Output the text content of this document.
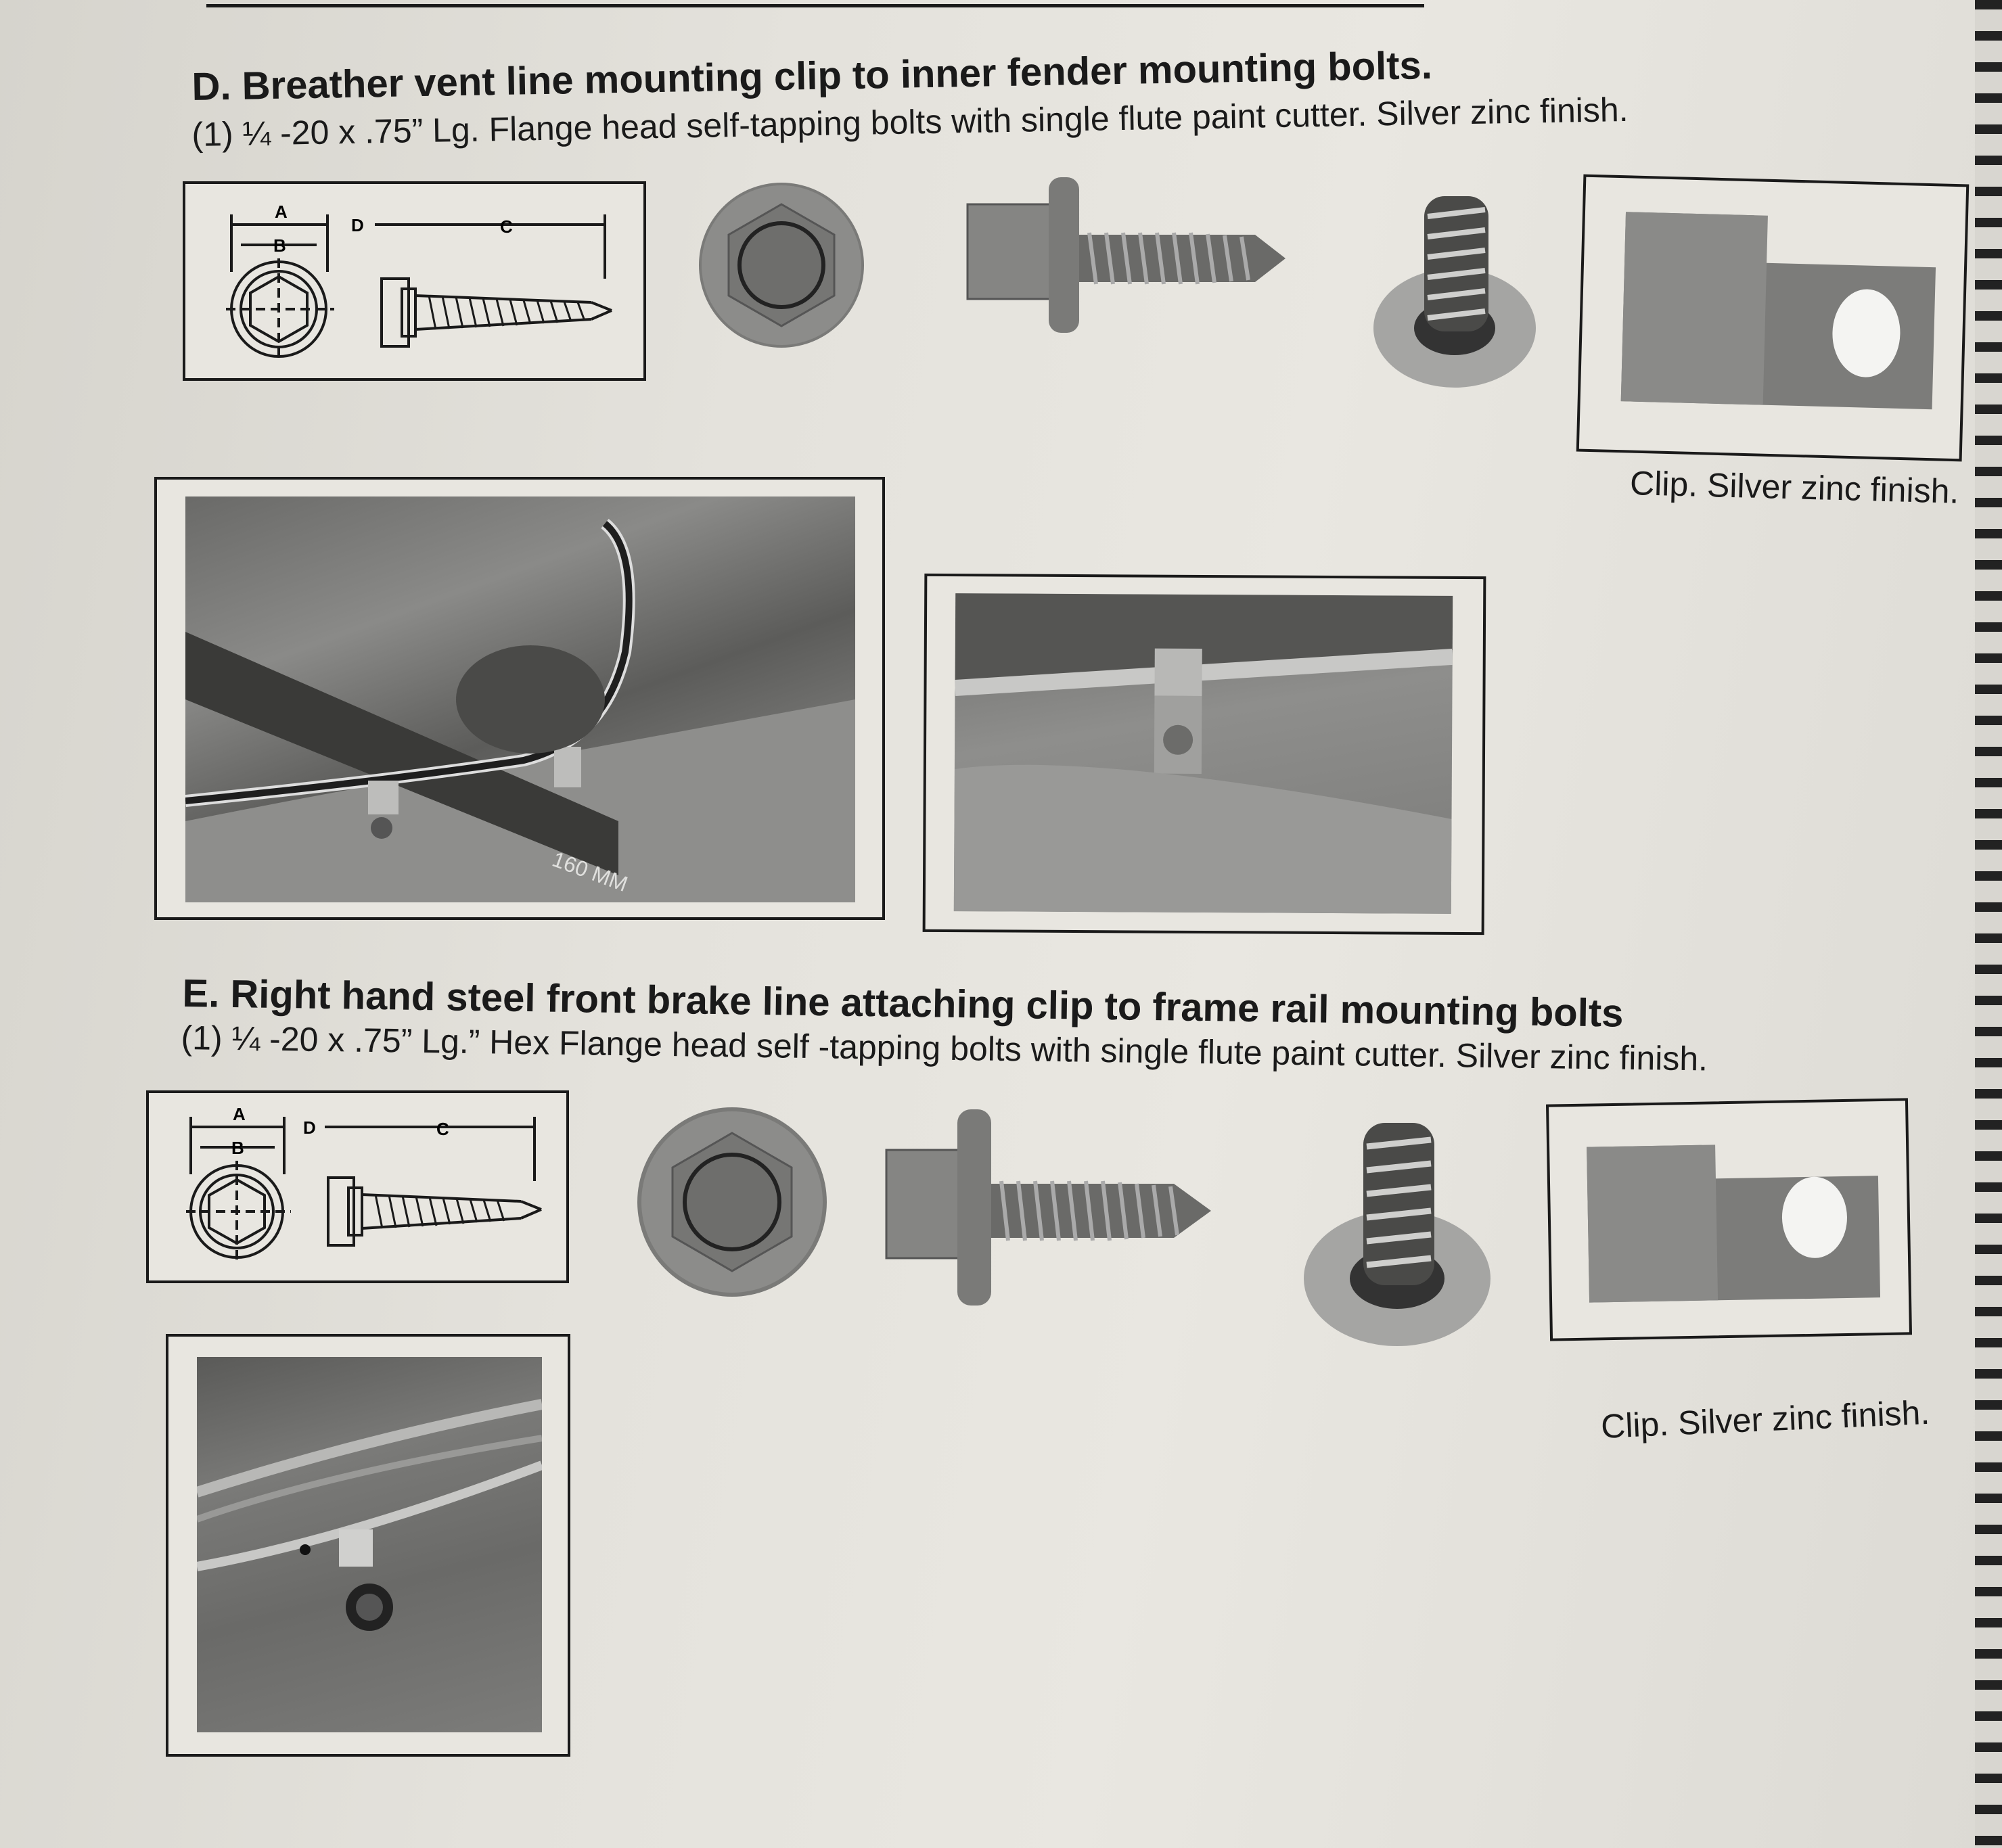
D. Breather vent line mounting clip to inner fender mounting bolts.
(1) ¼ -20 x .75” Lg. Flange head self-tapping bolts with single flute paint cutter. Silver zinc finish.
A
B
D	C
Clip. Silver zinc finish.
160 MM
E. Right hand steel front brake line attaching clip to frame rail mounting bolts
(1) ¼ -20 x .75” Lg.” Hex Flange head self -tapping bolts with single flute paint cutter. Silver zinc finish.
A
B
D	C
Clip. Silver zinc finish.
